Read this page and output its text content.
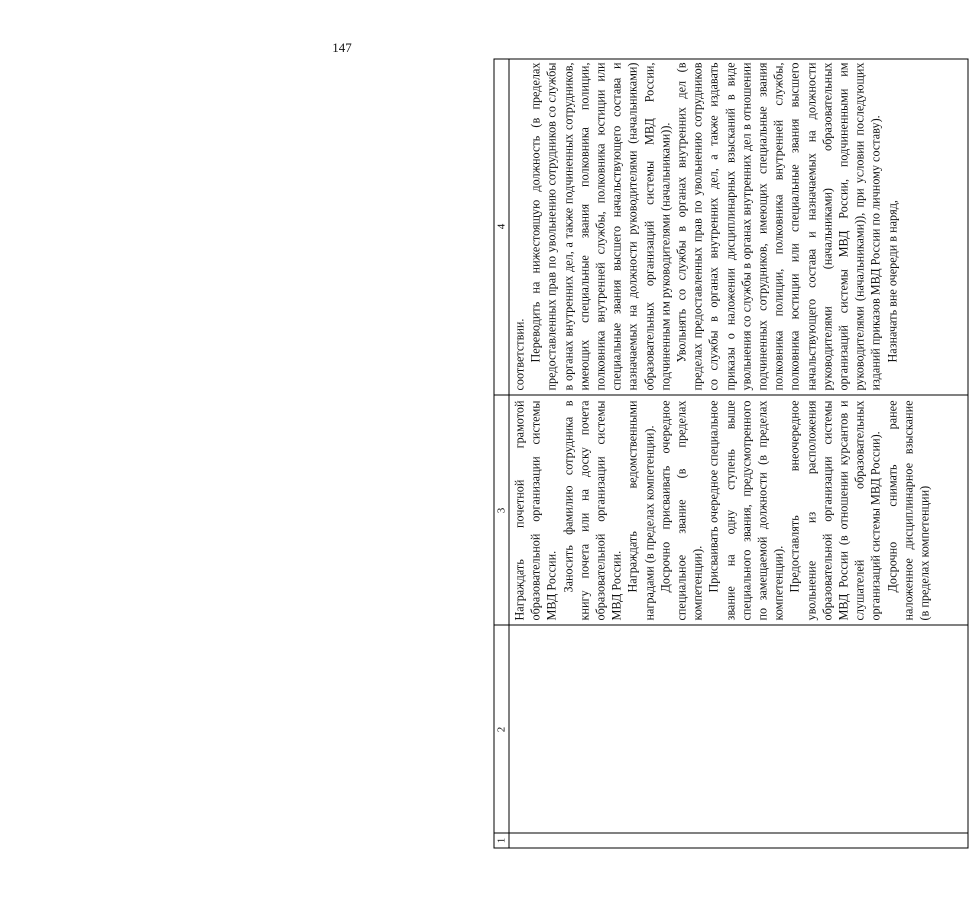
147
1
2
3
4

Награждать почетной грамотой образовательной организации системы МВД России. Заносить фамилию сотрудника в книгу почета или на доску почета образовательной организации системы МВД России. Награждать ведомственными наградами (в пределах компетенции). Досрочно присваивать очередное специальное звание (в пределах компетенции). Присваивать очередное специальное звание на одну ступень выше специального звания, предусмотренного по замещаемой должности (в пределах компетенции). Предоставлять внеочередное увольнение из расположения образовательной организации системы МВД России (в отношении курсантов и слушателей образовательных организаций системы МВД России). Досрочно снимать ранее наложенное дисциплинарное взыскание (в пределах компетенции)

соответствии. Переводить на нижестоящую должность (в пределах предоставленных прав по увольнению сотрудников со службы в органах внутренних дел, а также подчиненных сотрудников, имеющих специальные звания полковника полиции, полковника внутренней службы, полковника юстиции или специальные звания высшего начальствующего состава и назначаемых на должности руководителями (начальниками) образовательных организаций системы МВД России, подчиненным им руководителями (начальниками)). Увольнять со службы в органах внутренних дел (в пределах предоставленных прав по увольнению сотрудников со службы в органах внутренних дел, а также издавать приказы о наложении дисциплинарных взысканий в виде увольнения со службы в органах внутренних дел в отношении подчиненных сотрудников, имеющих специальные звания полковника полиции, полковника внутренней службы, полковника юстиции или специальные звания высшего начальствующего состава и назначаемых на должности руководителями (начальниками) образовательных организаций системы МВД России, подчиненными им руководителями (начальниками)), при условии последующих изданий приказов МВД России по личному составу). Назначать вне очереди в наряд,
